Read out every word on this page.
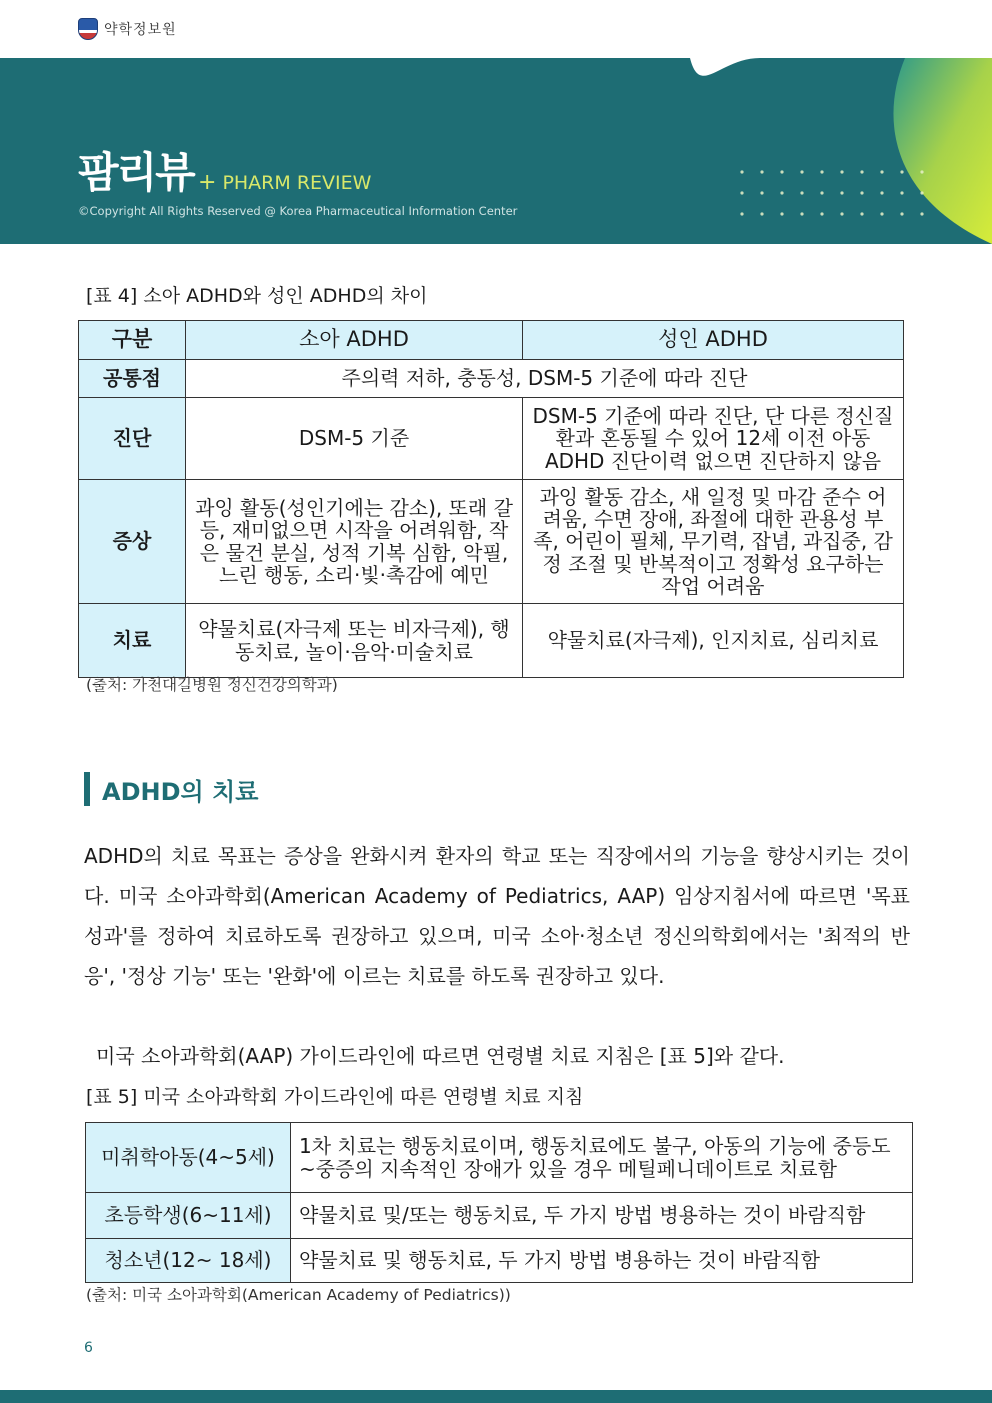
약학정보원
팜리뷰 + PHARM REVIEW
©Copyright All Rights Reserved @ Korea Pharmaceutical Information Center
[표 4] 소아 ADHD와 성인 ADHD의 차이
구분	소아 ADHD	성인 ADHD
공통점	주의력 저하, 충동성, DSM-5 기준에 따라 진단	
진단	DSM-5 기준	DSM-5 기준에 따라 진단, 단 다른 정신질환과 혼동될 수 있어 12세 이전 아동 ADHD 진단이력 없으면 진단하지 않음
증상	과잉 활동(성인기에는 감소), 또래 갈등, 재미없으면 시작을 어려워함, 작은 물건 분실, 성적 기복 심함, 악필, 느린 행동, 소리·빛·촉감에 예민	과잉 활동 감소, 새 일정 및 마감 준수 어려움, 수면 장애, 좌절에 대한 관용성 부족, 어린이 필체, 무기력, 잡념, 과집중, 감정 조절 및 반복적이고 정확성 요구하는 작업 어려움
치료	약물치료(자극제 또는 비자극제), 행동치료, 놀이·음악·미술치료	약물치료(자극제), 인지치료, 심리치료
(출처: 가천대길병원 정신건강의학과)
ADHD의 치료
ADHD의 치료 목표는 증상을 완화시켜 환자의 학교 또는 직장에서의 기능을 향상시키는 것이다. 미국 소아과학회(American Academy of Pediatrics, AAP) 임상지침서에 따르면 '목표 성과'를 정하여 치료하도록 권장하고 있으며, 미국 소아·청소년 정신의학회에서는 '최적의 반응', '정상 기능' 또는 '완화'에 이르는 치료를 하도록 권장하고 있다.
미국 소아과학회(AAP) 가이드라인에 따르면 연령별 치료 지침은 [표 5]와 같다.
[표 5] 미국 소아과학회 가이드라인에 따른 연령별 치료 지침
미취학아동(4~5세)	1차 치료는 행동치료이며, 행동치료에도 불구, 아동의 기능에 중등도~중증의 지속적인 장애가 있을 경우 메틸페니데이트로 치료함
초등학생(6~11세)	약물치료 및/또는 행동치료, 두 가지 방법 병용하는 것이 바람직함
청소년(12~ 18세)	약물치료 및 행동치료, 두 가지 방법 병용하는 것이 바람직함
(출처: 미국 소아과학회(American Academy of Pediatrics))
6
